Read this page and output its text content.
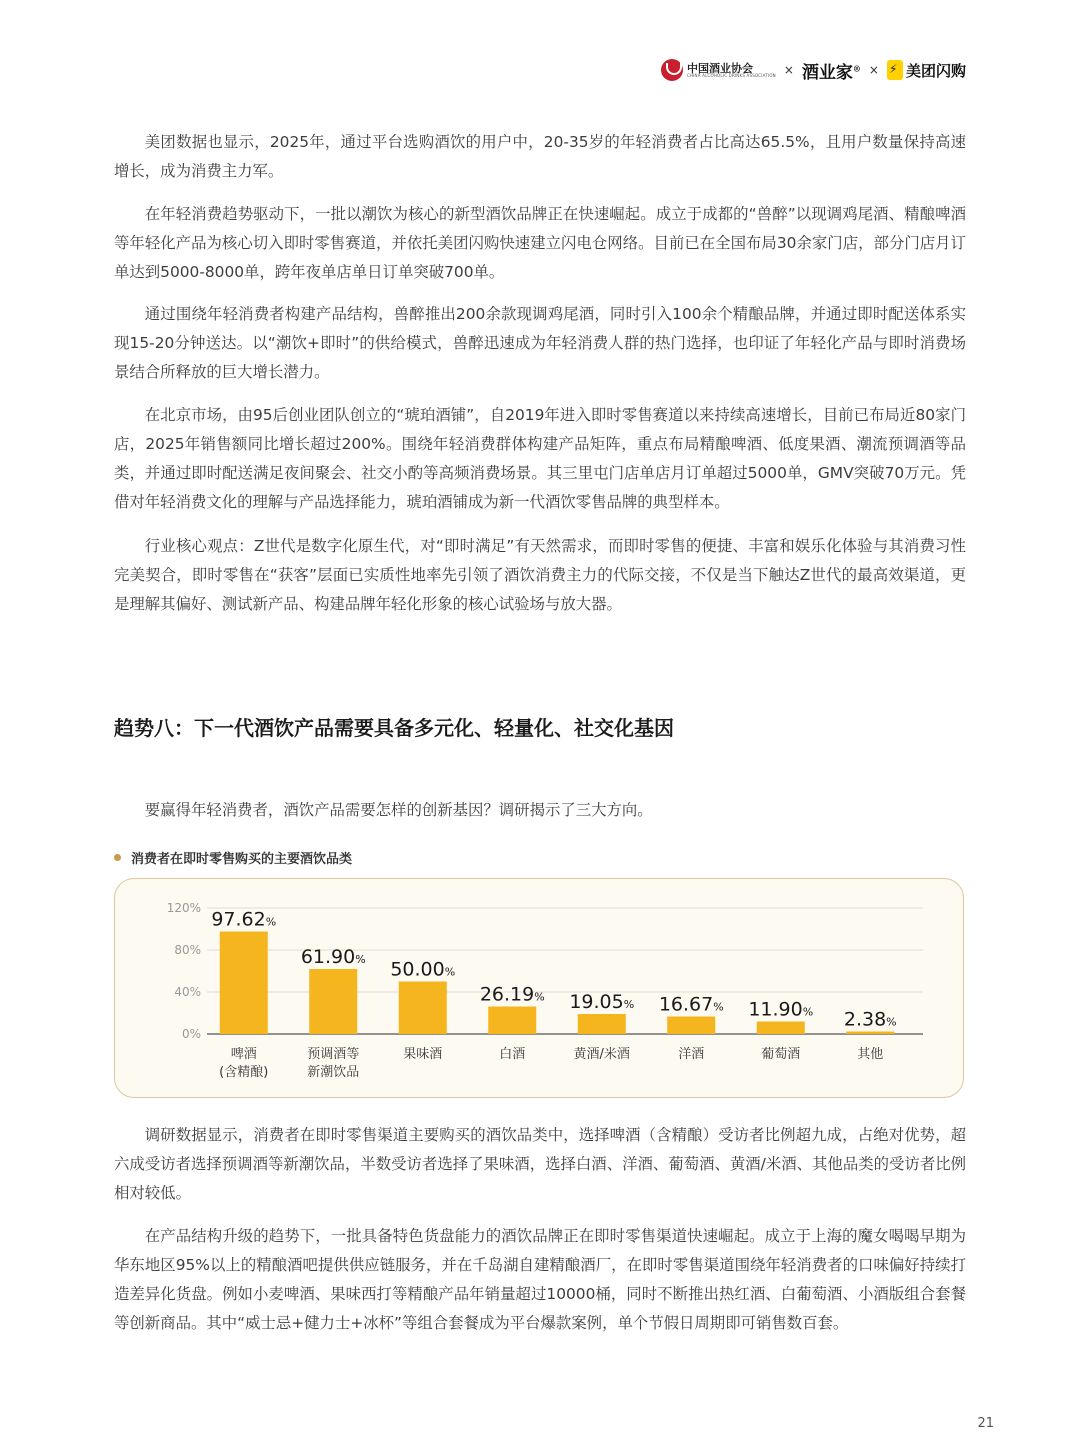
中国酒业协会
CHINA ALCOHOLIC DRINKS ASSOCIATION × 酒业家® ×
⚡ 美团闪购

美团数据也显示，2025年，通过平台选购酒饮的用户中，20-35岁的年轻消费者占比高达65.5%，且用户数量保持高速增长，成为消费主力军。

在年轻消费趋势驱动下，一批以潮饮为核心的新型酒饮品牌正在快速崛起。成立于成都的“兽醉”以现调鸡尾酒、精酿啤酒等年轻化产品为核心切入即时零售赛道，并依托美团闪购快速建立闪电仓网络。目前已在全国布局30余家门店，部分门店月订单达到5000-8000单，跨年夜单店单日订单突破700单。

通过围绕年轻消费者构建产品结构，兽醉推出200余款现调鸡尾酒，同时引入100余个精酿品牌，并通过即时配送体系实现15-20分钟送达。以“潮饮+即时”的供给模式，兽醉迅速成为年轻消费人群的热门选择，也印证了年轻化产品与即时消费场景结合所释放的巨大增长潜力。

在北京市场，由95后创业团队创立的“琥珀酒铺”，自2019年进入即时零售赛道以来持续高速增长，目前已布局近80家门店，2025年销售额同比增长超过200%。围绕年轻消费群体构建产品矩阵，重点布局精酿啤酒、低度果酒、潮流预调酒等品类，并通过即时配送满足夜间聚会、社交小酌等高频消费场景。其三里屯门店单店月订单超过5000单，GMV突破70万元。凭借对年轻消费文化的理解与产品选择能力，琥珀酒铺成为新一代酒饮零售品牌的典型样本。

行业核心观点：Z世代是数字化原生代，对“即时满足”有天然需求，而即时零售的便捷、丰富和娱乐化体验与其消费习性完美契合，即时零售在“获客”层面已实质性地率先引领了酒饮消费主力的代际交接，不仅是当下触达Z世代的最高效渠道，更是理解其偏好、测试新产品、构建品牌年轻化形象的核心试验场与放大器。

趋势八：下一代酒饮产品需要具备多元化、轻量化、社交化基因

要赢得年轻消费者，酒饮产品需要怎样的创新基因？调研揭示了三大方向。

消费者在即时零售购买的主要酒饮品类
120%
80%
40%
0%
97.62%
啤酒
(含精酿)
61.90%
预调酒等
新潮饮品
50.00%
果味酒
26.19%
白酒
19.05%
黄酒/米酒
16.67%
洋酒
11.90%
葡萄酒
2.38%
其他

调研数据显示，消费者在即时零售渠道主要购买的酒饮品类中，选择啤酒（含精酿）受访者比例超九成，占绝对优势，超六成受访者选择预调酒等新潮饮品，半数受访者选择了果味酒，选择白酒、洋酒、葡萄酒、黄酒/米酒、其他品类的受访者比例相对较低。

在产品结构升级的趋势下，一批具备特色货盘能力的酒饮品牌正在即时零售渠道快速崛起。成立于上海的魔女喝喝早期为华东地区95%以上的精酿酒吧提供供应链服务，并在千岛湖自建精酿酒厂，在即时零售渠道围绕年轻消费者的口味偏好持续打造差异化货盘。例如小麦啤酒、果味西打等精酿产品年销量超过10000桶，同时不断推出热红酒、白葡萄酒、小酒版组合套餐等创新商品。其中“威士忌+健力士+冰杯”等组合套餐成为平台爆款案例，单个节假日周期即可销售数百套。

21
